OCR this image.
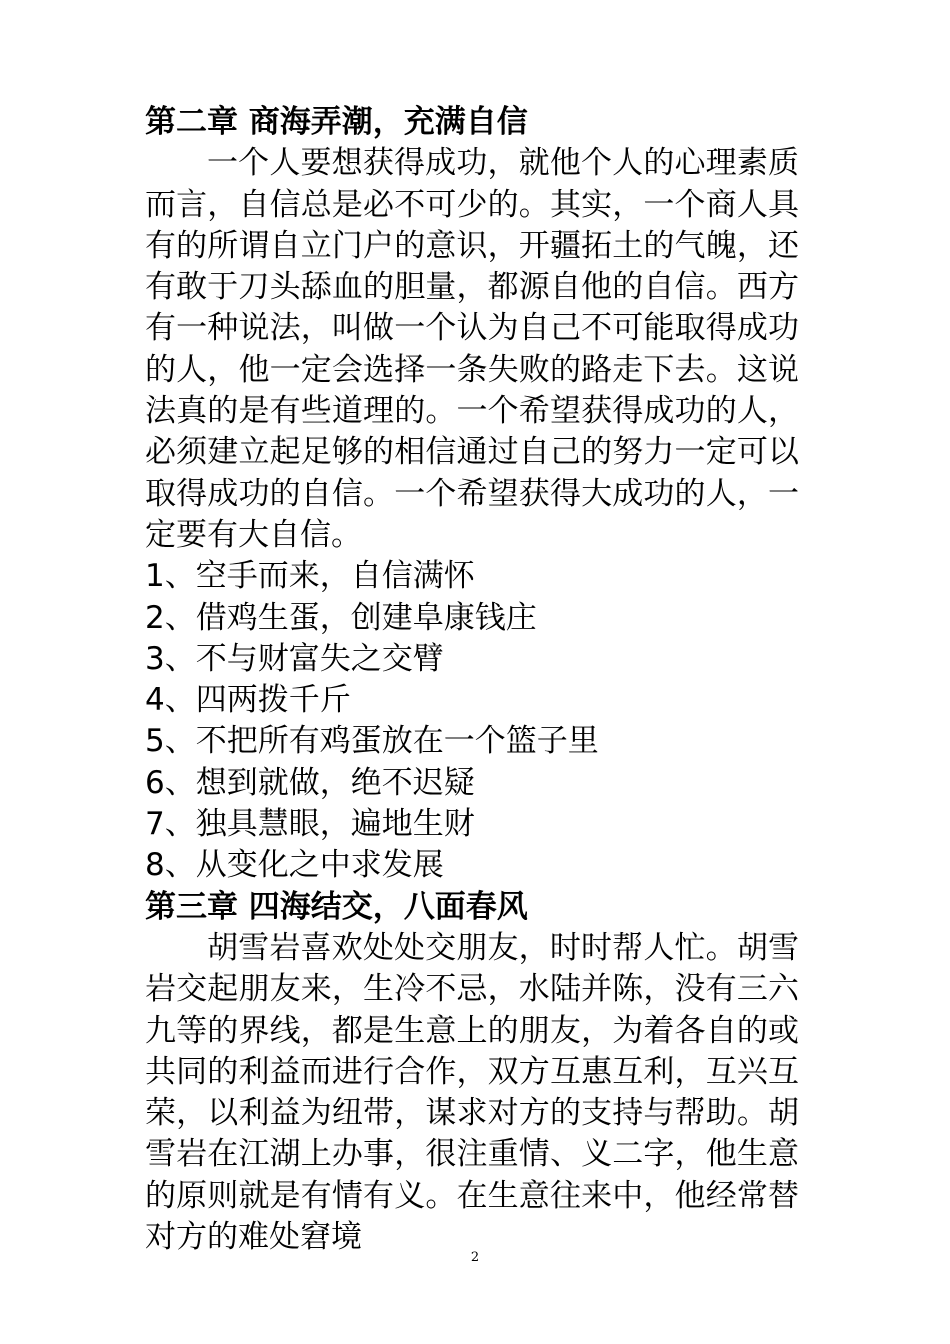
第二章 商海弄潮，充满自信

一个人要想获得成功，就他个人的心理素质而言，自信总是必不可少的。其实，一个商人具有的所谓自立门户的意识，开疆拓土的气魄，还有敢于刀头舔血的胆量，都源自他的自信。西方有一种说法，叫做一个认为自己不可能取得成功的人，他一定会选择一条失败的路走下去。这说法真的是有些道理的。一个希望获得成功的人，必须建立起足够的相信通过自己的努力一定可以取得成功的自信。一个希望获得大成功的人，一定要有大自信。

1、空手而来，自信满怀
2、借鸡生蛋，创建阜康钱庄
3、不与财富失之交臂
4、四两拨千斤
5、不把所有鸡蛋放在一个篮子里
6、想到就做，绝不迟疑
7、独具慧眼，遍地生财
8、从变化之中求发展

第三章 四海结交，八面春风

胡雪岩喜欢处处交朋友，时时帮人忙。胡雪岩交起朋友来，生冷不忌，水陆并陈，没有三六九等的界线，都是生意上的朋友，为着各自的或共同的利益而进行合作，双方互惠互利，互兴互荣，以利益为纽带，谋求对方的支持与帮助。胡雪岩在江湖上办事，很注重情、义二字，他生意的原则就是有情有义。在生意往来中，他经常替对方的难处窘境

2
